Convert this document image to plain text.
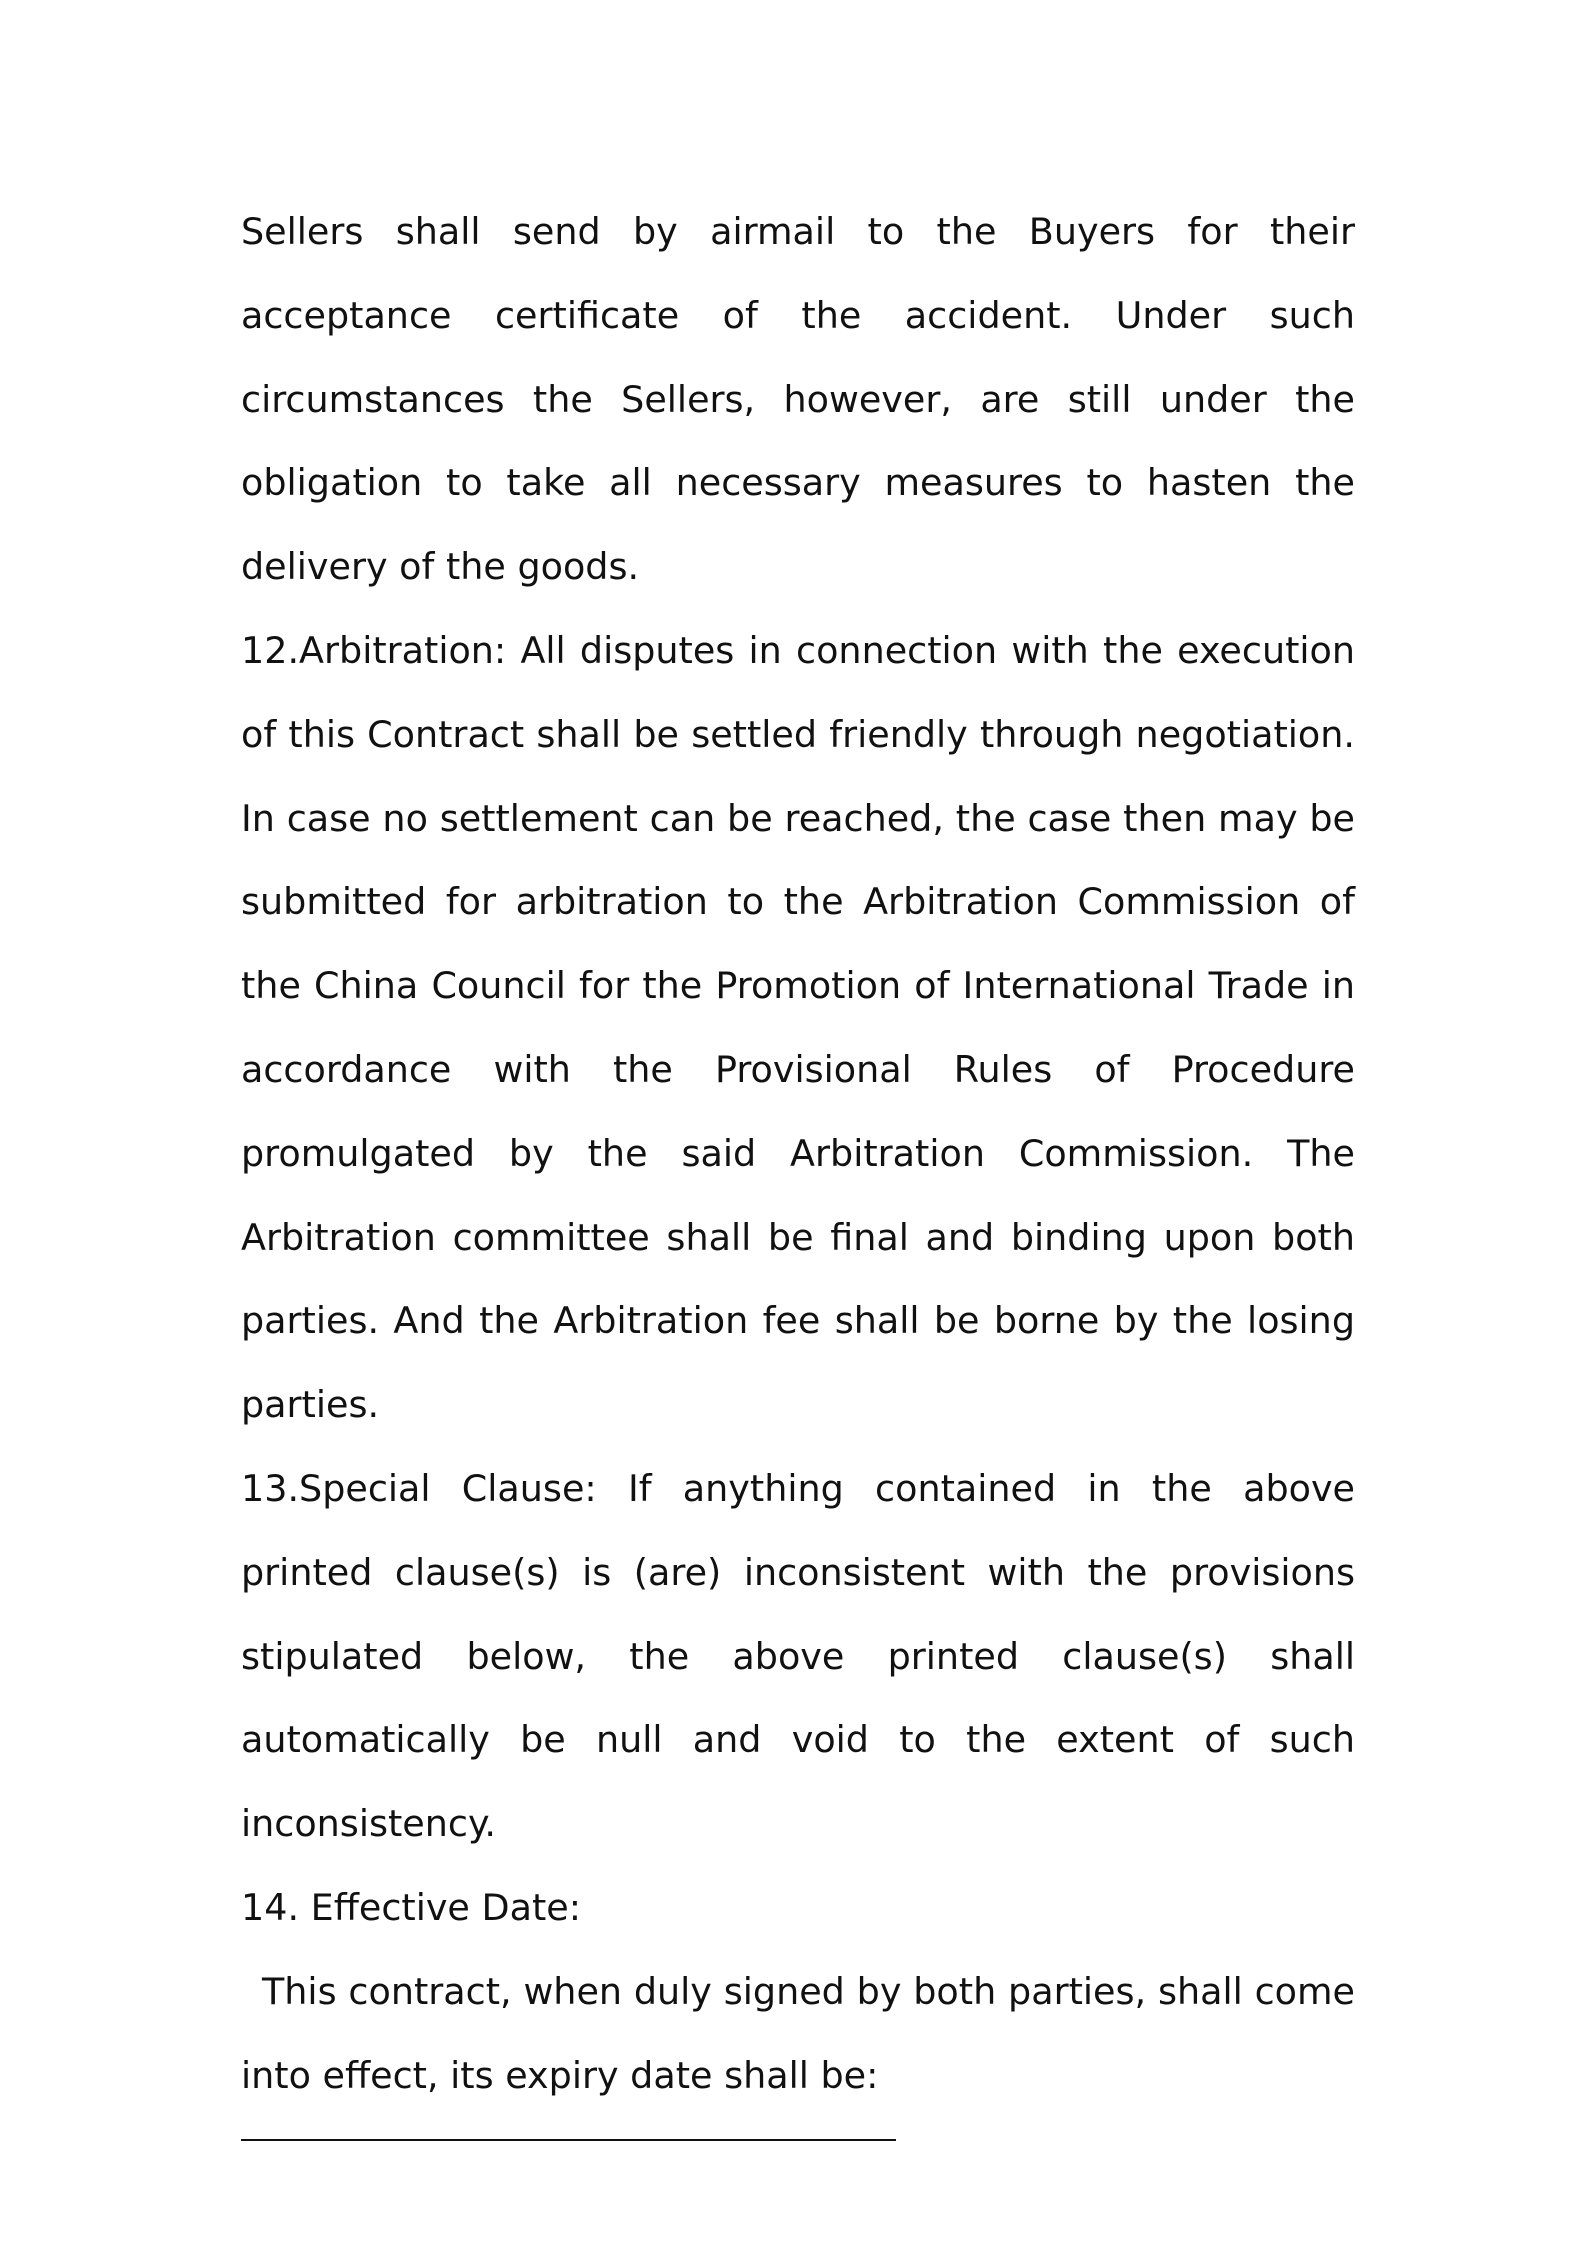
Sellers shall send by airmail to the Buyers for their acceptance certificate of the accident. Under such circumstances the Sellers, however, are still under the obligation to take all necessary measures to hasten the delivery of the goods.

12.Arbitration: All disputes in connection with the execution of this Contract shall be settled friendly through negotiation. In case no settlement can be reached, the case then may be submitted for arbitration to the Arbitration Commission of the China Council for the Promotion of International Trade in accordance with the Provisional Rules of Procedure promulgated by the said Arbitration Commission. The Arbitration committee shall be final and binding upon both parties. And the Arbitration fee shall be borne by the losing parties.

13.Special Clause: If anything contained in the above printed clause(s) is (are) inconsistent with the provisions stipulated below, the above printed clause(s) shall automatically be null and void to the extent of such inconsistency.

14. Effective Date:

This contract, when duly signed by both parties, shall come into effect, its expiry date shall be:
